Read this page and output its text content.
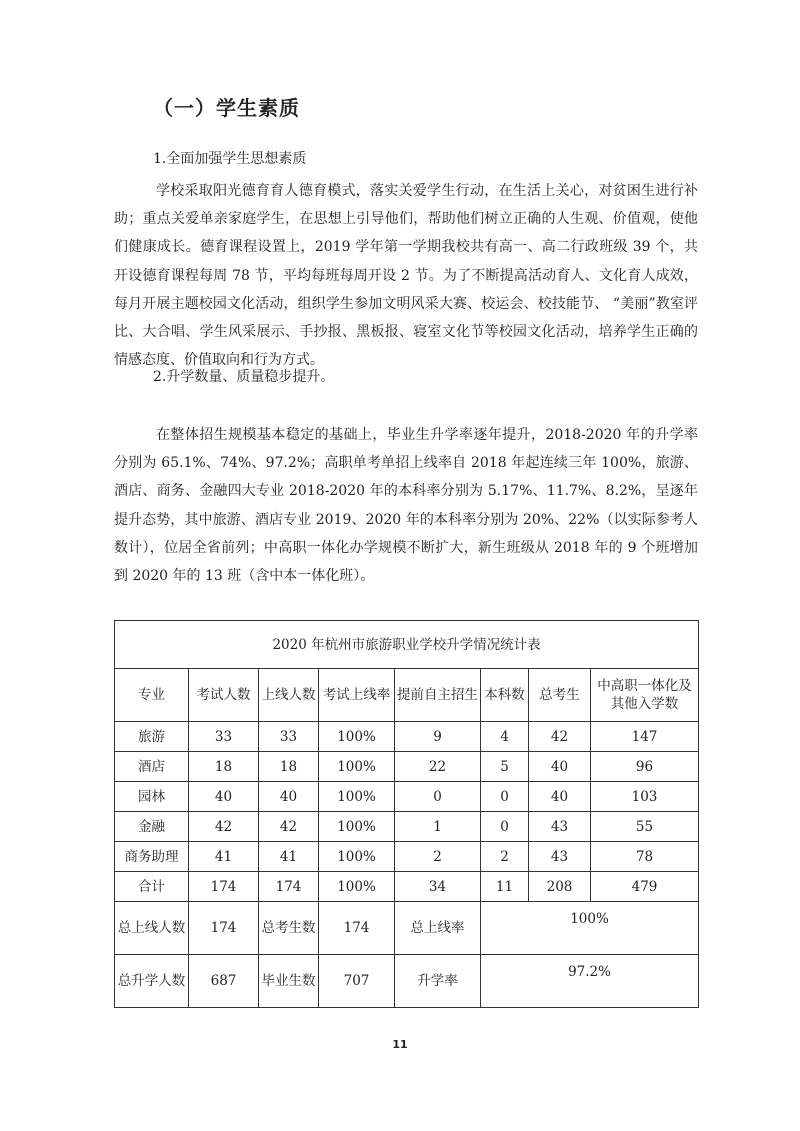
（一）学生素质
1.全面加强学生思想素质
学校采取阳光德育育人德育模式，落实关爱学生行动，在生活上关心，对贫困生进行补助；重点关爱单亲家庭学生，在思想上引导他们，帮助他们树立正确的人生观、价值观，使他们健康成长。德育课程设置上，2019 学年第一学期我校共有高一、高二行政班级 39 个，共开设德育课程每周 78 节，平均每班每周开设 2 节。为了不断提高活动育人、文化育人成效，每月开展主题校园文化活动，组织学生参加文明风采大赛、校运会、校技能节、 “美丽”教室评比、大合唱、学生风采展示、手抄报、黑板报、寝室文化节等校园文化活动，培养学生正确的情感态度、价值取向和行为方式。
2.升学数量、质量稳步提升。
在整体招生规模基本稳定的基础上，毕业生升学率逐年提升，2018-2020 年的升学率分别为 65.1%、74%、97.2%；高职单考单招上线率自 2018 年起连续三年 100%，旅游、酒店、商务、金融四大专业 2018-2020 年的本科率分别为 5.17%、11.7%、8.2%，呈逐年提升态势，其中旅游、酒店专业 2019、2020 年的本科率分别为 20%、22%（以实际参考人数计），位居全省前列；中高职一体化办学规模不断扩大，新生班级从 2018 年的 9 个班增加到 2020 年的 13 班（含中本一体化班）。
2020 年杭州市旅游职业学校升学情况统计表							
专业	考试人数	上线人数	考试上线率	提前自主招生	本科数	总考生	中高职一体化及其他入学数
旅游	33	33	100%	9	4	42	147
酒店	18	18	100%	22	5	40	96
园林	40	40	100%	0	0	40	103
金融	42	42	100%	1	0	43	55
商务助理	41	41	100%	2	2	43	78
合计	174	174	100%	34	11	208	479
总上线人数	174	总考生数	174	总上线率	100%		
总升学人数	687	毕业生数	707	升学率	97.2%		
11
